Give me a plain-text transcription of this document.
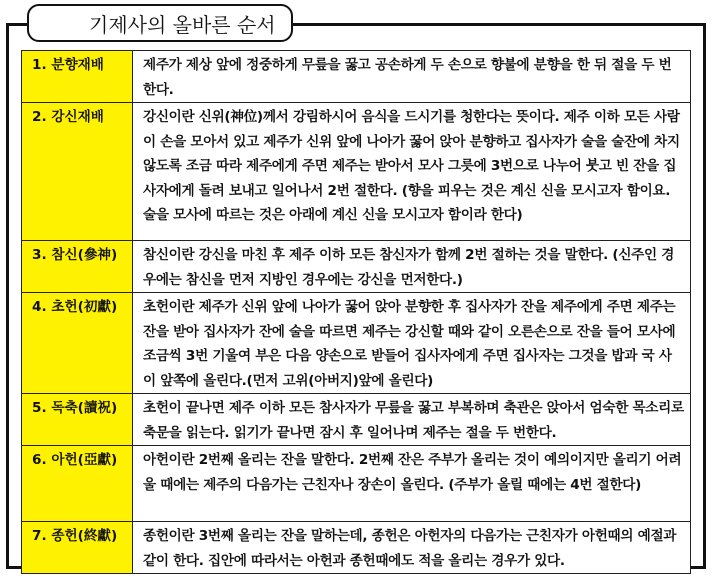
기제사의 올바른 순서
1. 분향재배	제주가 제상 앞에 정중하게 무릎을 꿇고 공손하게 두 손으로 향불에 분향을 한 뒤 절을 두 번 한다.
2. 강신재배	강신이란 신위(神位)께서 강림하시어 음식을 드시기를 청한다는 뜻이다. 제주 이하 모든 사람이 손을 모아서 있고 제주가 신위 앞에 나아가 꿇어 앉아 분향하고 집사자가 술을 술잔에 차지 않도록 조금 따라 제주에게 주면 제주는 받아서 모사 그릇에 3번으로 나누어 붓고 빈 잔을 집사자에게 돌려 보내고 일어나서 2번 절한다. (향을 피우는 것은 계신 신을 모시고자 함이요. 술을 모사에 따르는 것은 아래에 계신 신을 모시고자 함이라 한다)
3. 참신(參神)	참신이란 강신을 마친 후 제주 이하 모든 참신자가 함께 2번 절하는 것을 말한다. (신주인 경우에는 참신을 먼저 지방인 경우에는 강신을 먼저한다.)
4. 초헌(初獻)	초헌이란 제주가 신위 앞에 나아가 꿇어 앉아 분향한 후 집사자가 잔을 제주에게 주면 제주는 잔을 받아 집사자가 잔에 술을 따르면 제주는 강신할 때와 같이 오른손으로 잔을 들어 모사에 조금씩 3번 기울여 부은 다음 양손으로 받들어 집사자에게 주면 집사자는 그것을 밥과 국 사이 앞쪽에 올린다.(먼저 고위(아버지)앞에 올린다)
5. 독축(讀祝)	초헌이 끝나면 제주 이하 모든 참사자가 무릎을 꿇고 부복하며 축관은 앉아서 엄숙한 목소리로 축문을 읽는다. 읽기가 끝나면 잠시 후 일어나며 제주는 절을 두 번한다.
6. 아헌(亞獻)	아헌이란 2번째 올리는 잔을 말한다. 2번째 잔은 주부가 올리는 것이 예의이지만 올리기 어려울 때에는 제주의 다음가는 근친자나 장손이 올린다. (주부가 올릴 때에는 4번 절한다)
7. 종헌(終獻)	종헌이란 3번째 올리는 잔을 말하는데, 종헌은 아헌자의 다음가는 근친자가 아헌때의 예절과 같이 한다. 집안에 따라서는 아헌과 종헌때에도 적을 올리는 경우가 있다.
